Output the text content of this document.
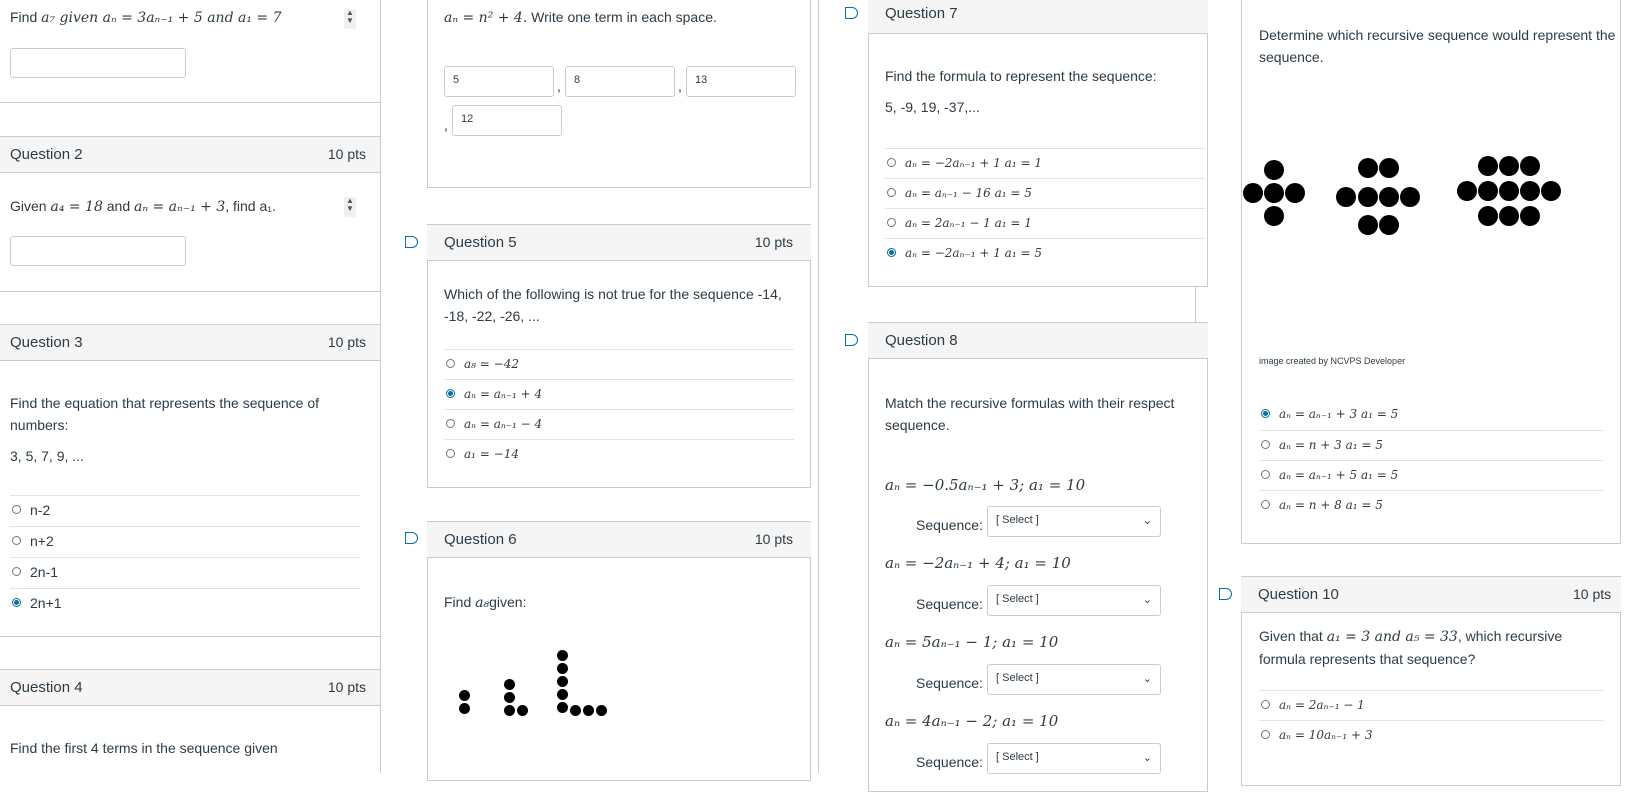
Find a₇ given aₙ = 3aₙ₋₁ + 5 and a₁ = 7	▲
▼
Question 2	10 pts
Given a₄ = 18 and aₙ = aₙ₋₁ + 3, find a₁.	▲
▼
Question 3	10 pts
Find the equation that represents the sequence of numbers:
3, 5, 7, 9, ...
n-2
n+2
2n-1
2n+1
Question 4	10 pts
Find the first 4 terms in the sequence given
aₙ = n² + 4. Write one term in each space.
5	,	8	,	13
,	12
Question 5	10 pts
Which of the following is not true for the sequence -14, -18, -22, -26, ...
a₈ = −42
aₙ = aₙ₋₁ + 4
aₙ = aₙ₋₁ − 4
a₁ = −14
Question 6	10 pts
Find a₈given:
Question 7
Find the formula to represent the sequence:
5, -9, 19, -37,...
aₙ = −2aₙ₋₁ + 1 a₁ = 1
aₙ = aₙ₋₁ − 16 a₁ = 5
aₙ = 2aₙ₋₁ − 1 a₁ = 1
aₙ = −2aₙ₋₁ + 1 a₁ = 5
Question 8
Match the recursive formulas with their respect sequence.
aₙ = −0.5aₙ₋₁ + 3; a₁ = 10
Sequence:	[ Select ]	⌄
aₙ = −2aₙ₋₁ + 4; a₁ = 10
Sequence:	[ Select ]	⌄
aₙ = 5aₙ₋₁ − 1; a₁ = 10
Sequence:	[ Select ]	⌄
aₙ = 4aₙ₋₁ − 2; a₁ = 10
Sequence:	[ Select ]	⌄
Determine which recursive sequence would represent the sequence.
image created by NCVPS Developer
aₙ = aₙ₋₁ + 3 a₁ = 5
aₙ = n + 3 a₁ = 5
aₙ = aₙ₋₁ + 5 a₁ = 5
aₙ = n + 8 a₁ = 5
Question 10	10 pts
Given that a₁ = 3 and a₅ = 33, which recursive formula represents that sequence?
aₙ = 2aₙ₋₁ − 1
aₙ = 10aₙ₋₁ + 3
